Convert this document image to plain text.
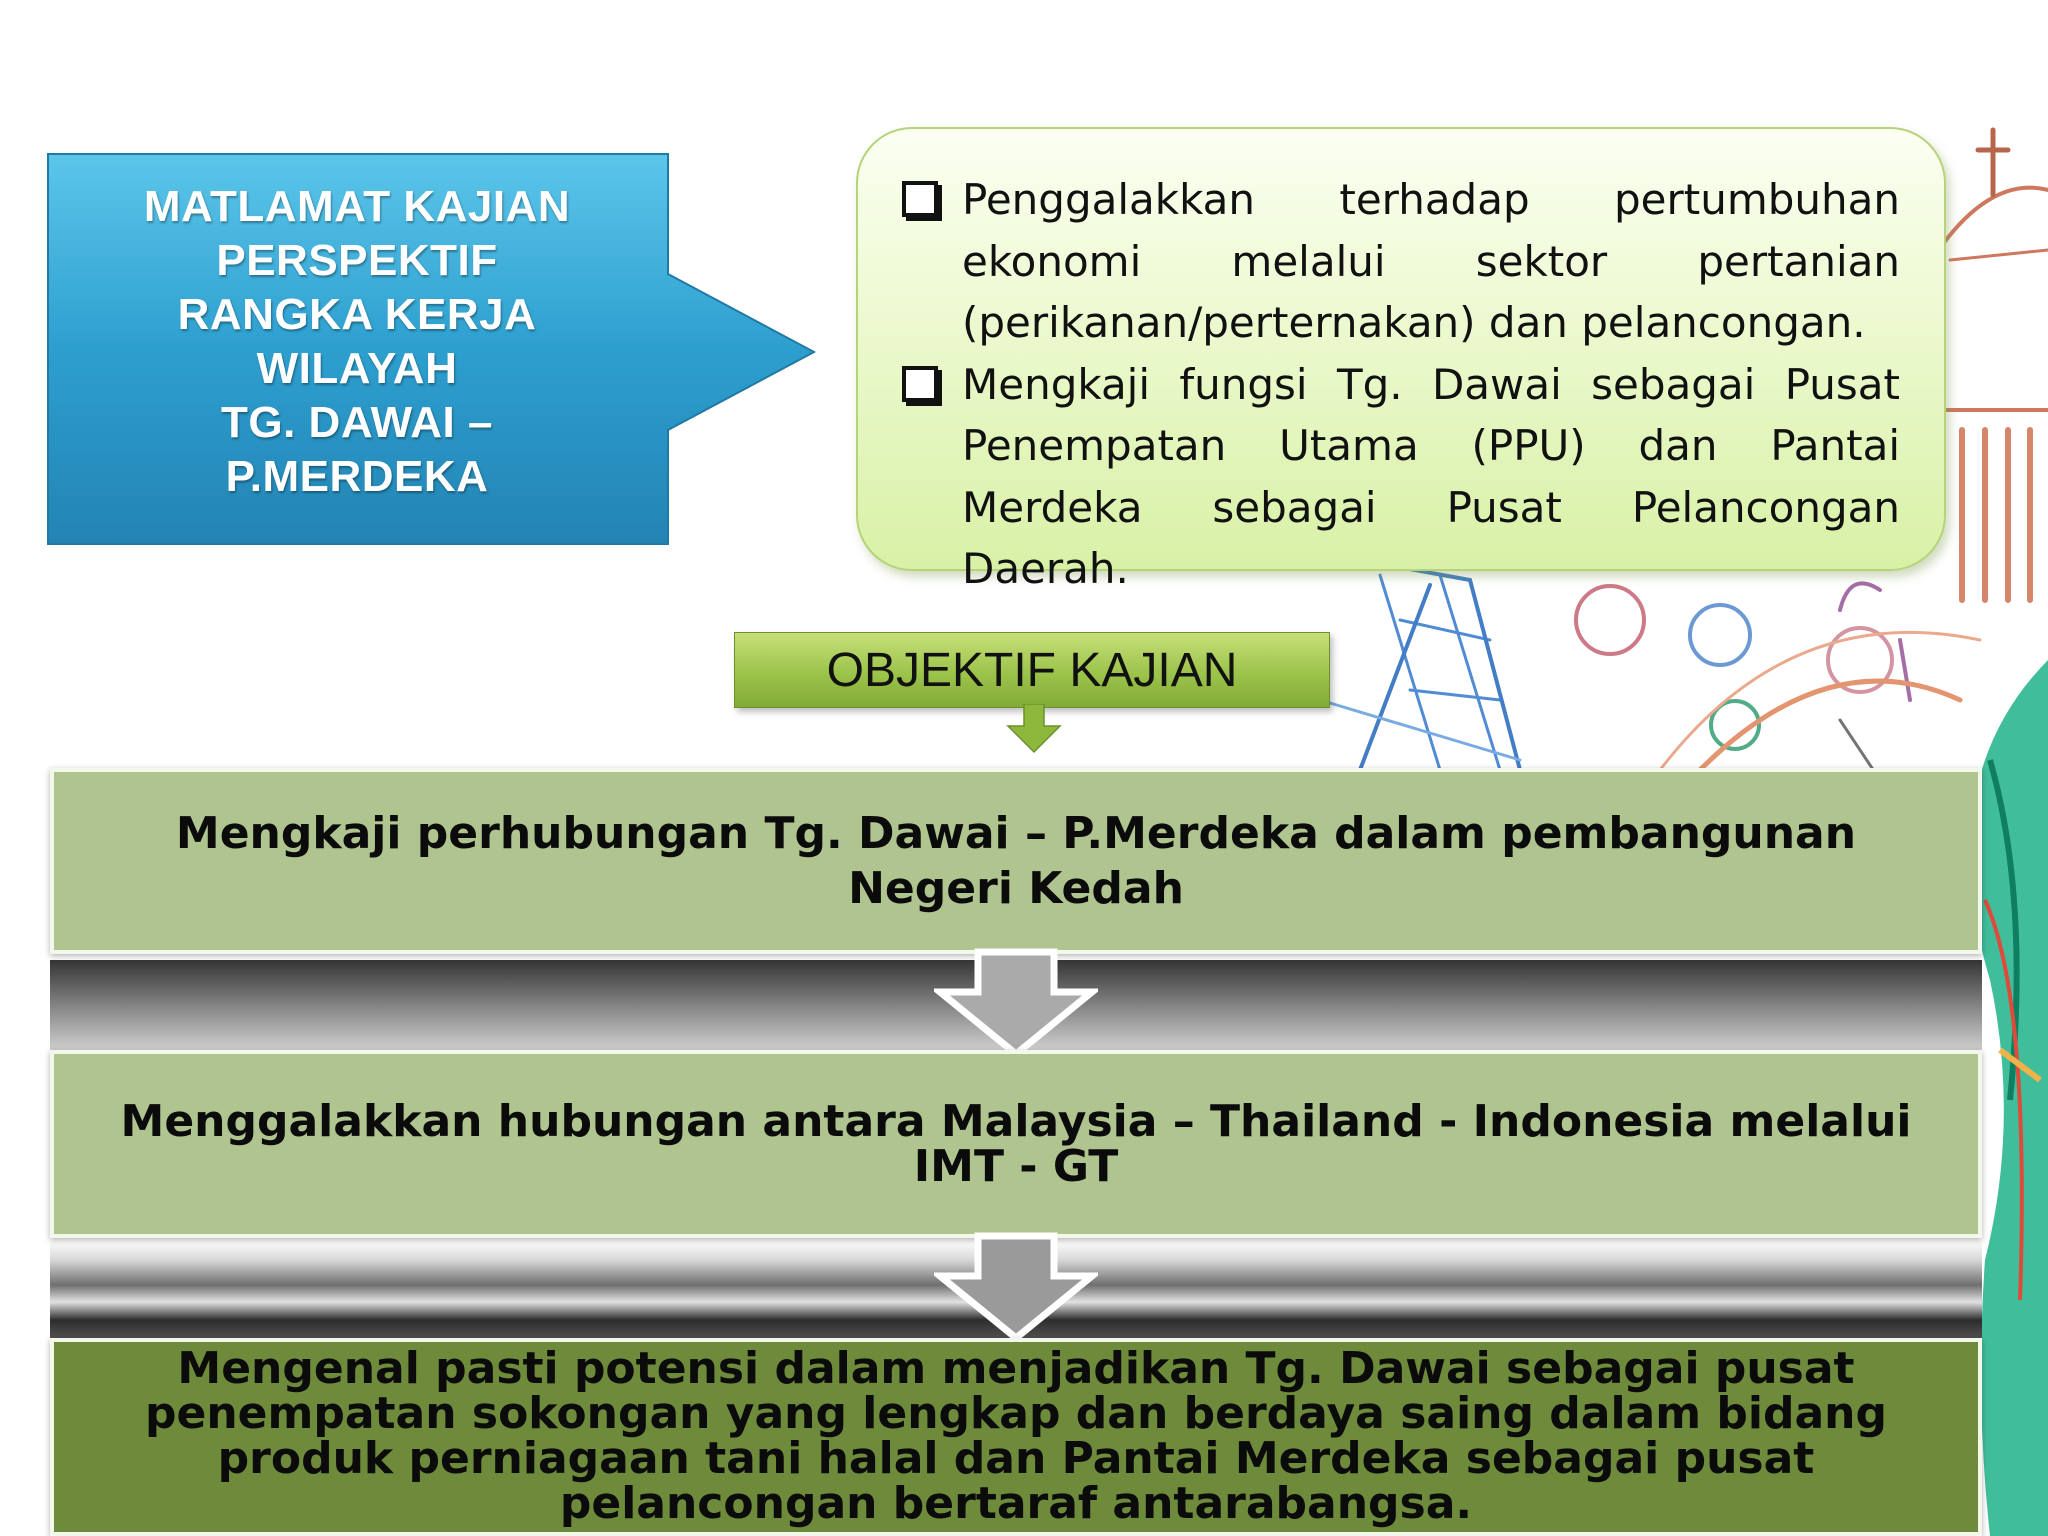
MATLAMAT KAJIAN
PERSPEKTIF
RANGKA KERJA
WILAYAH
TG. DAWAI –
P.MERDEKA
Penggalakkan terhadap pertumbuhan ekonomi melalui sektor pertanian (perikanan/perternakan) dan pelancongan.
Mengkaji fungsi Tg. Dawai sebagai Pusat Penempatan Utama (PPU) dan Pantai Merdeka sebagai Pusat Pelancongan Daerah.
OBJEKTIF KAJIAN
Mengkaji perhubungan Tg. Dawai – P.Merdeka dalam pembangunan Negeri Kedah
Menggalakkan hubungan antara Malaysia – Thailand - Indonesia melalui IMT - GT
Mengenal pasti potensi dalam menjadikan Tg. Dawai sebagai pusat penempatan sokongan yang lengkap dan berdaya saing dalam bidang produk perniagaan tani halal dan Pantai Merdeka sebagai pusat pelancongan bertaraf antarabangsa.
